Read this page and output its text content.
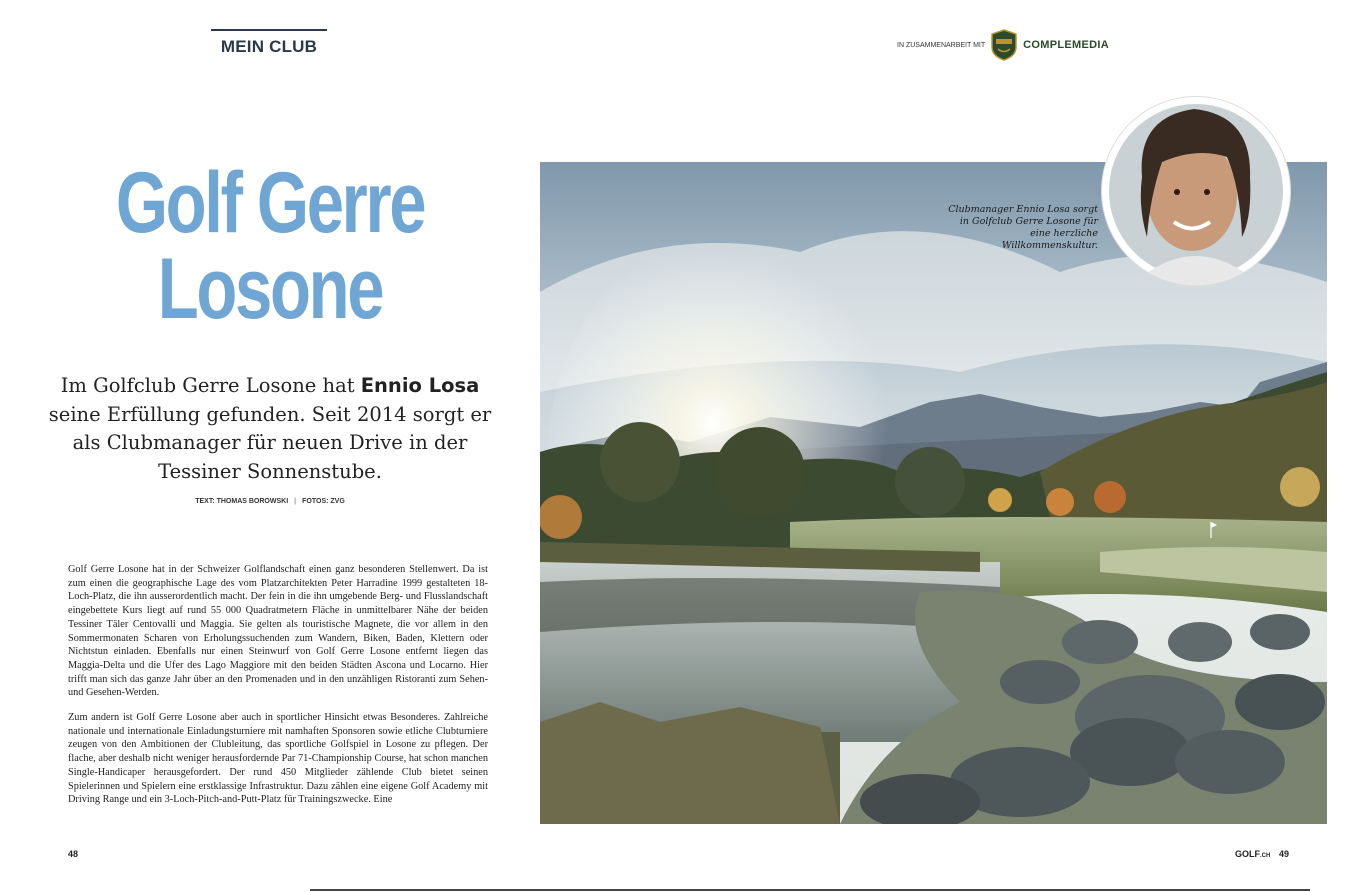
MEIN CLUB	IN ZUSAMMENARBEIT MIT	COMPLEMEDIA
Golf Gerre
Losone
Im Golfclub Gerre Losone hat Ennio Losa seine Erfüllung gefunden. Seit 2014 sorgt er als Clubmanager für neuen Drive in der Tessiner Sonnenstube.
TEXT: THOMAS BOROWSKI | FOTOS: ZVG

Golf Gerre Losone hat in der Schweizer Golflandschaft einen ganz besonderen Stellenwert. Da ist zum einen die geographische Lage des vom Platzarchitekten Peter Harradine 1999 gestalteten 18-Loch-Platz, die ihn ausserordentlich macht. Der fein in die ihn umgebende Berg- und Flusslandschaft eingebettete Kurs liegt auf rund 55 000 Quadratmetern Fläche in unmittelbarer Nähe der beiden Tessiner Täler Centovalli und Maggia. Sie gelten als touristische Magnete, die vor allem in den Sommermonaten Scharen von Erholungssuchenden zum Wandern, Biken, Baden, Klettern oder Nichtstun einladen. Ebenfalls nur einen Steinwurf von Golf Gerre Losone entfernt liegen das Maggia-Delta und die Ufer des Lago Maggiore mit den beiden Städten Ascona und Locarno. Hier trifft man sich das ganze Jahr über an den Promenaden und in den unzähligen Ristoranti zum Sehen- und Gesehen-Werden.

Zum andern ist Golf Gerre Losone aber auch in sportlicher Hinsicht etwas Besonderes. Zahlreiche nationale und internationale Einladungsturniere mit namhaften Sponsoren sowie etliche Clubturniere zeugen von den Ambitionen der Clubleitung, das sportliche Golfspiel in Losone zu pflegen. Der flache, aber deshalb nicht weniger herausfordernde Par 71-Championship Course, hat schon manchen Single-Handicaper herausgefordert. Der rund 450 Mitglieder zählende Club bietet seinen Spielerinnen und Spielern eine erstklassige Infrastruktur. Dazu zählen eine eigene Golf Academy mit Driving Range und ein 3-Loch-Pitch-and-Putt-Platz für Trainingszwecke. Eine

Clubmanager Ennio Losa sorgt in Golfclub Gerre Losone für eine herzliche Willkommenskultur.
48	GOLF.CH 49
